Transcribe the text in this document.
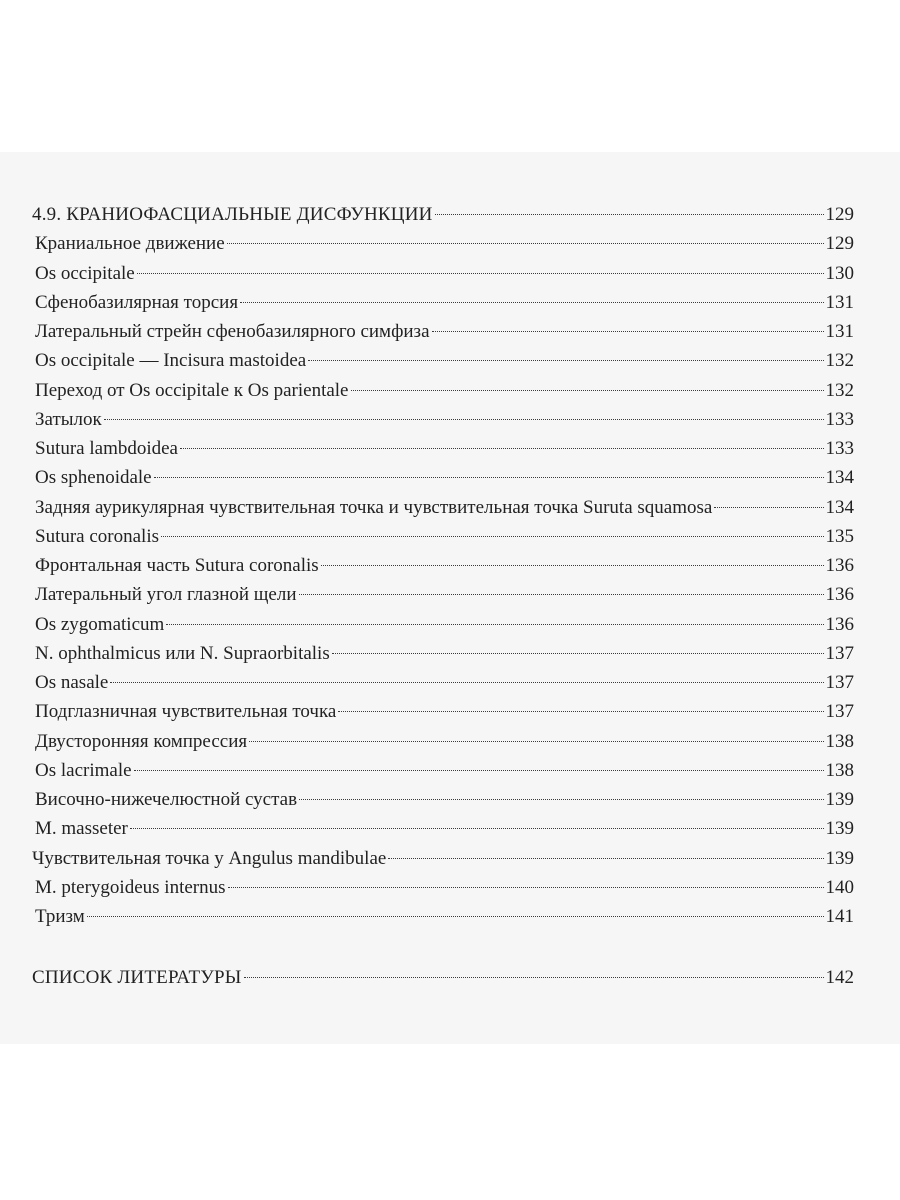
4.9. КРАНИОФАСЦИАЛЬНЫЕ ДИСФУНКЦИИ	129
Краниальное движение	129
Os occipitale	130
Сфенобазилярная торсия	131
Латеральный стрейн сфенобазилярного симфиза	131
Os occipitale — Incisura mastoidea	132
Переход от Os occipitale к Os parientale	132
Затылок	133
Sutura lambdoidea	133
Os sphenoidale	134
Задняя аурикулярная чувствительная точка и чувствительная точка Suruta squamosa	134
Sutura coronalis	135
Фронтальная часть Sutura coronalis	136
Латеральный угол глазной щели	136
Os zygomaticum	136
N. ophthalmicus или N. Supraorbitalis	137
Os nasale	137
Подглазничная чувствительная точка	137
Двусторонняя компрессия	138
Os lacrimale	138
Височно-нижечелюстной сустав	139
M. masseter	139
Чувствительная точка у Angulus mandibulae	139
M. pterygoideus internus	140
Тризм	141
СПИСОК ЛИТЕРАТУРЫ	142
